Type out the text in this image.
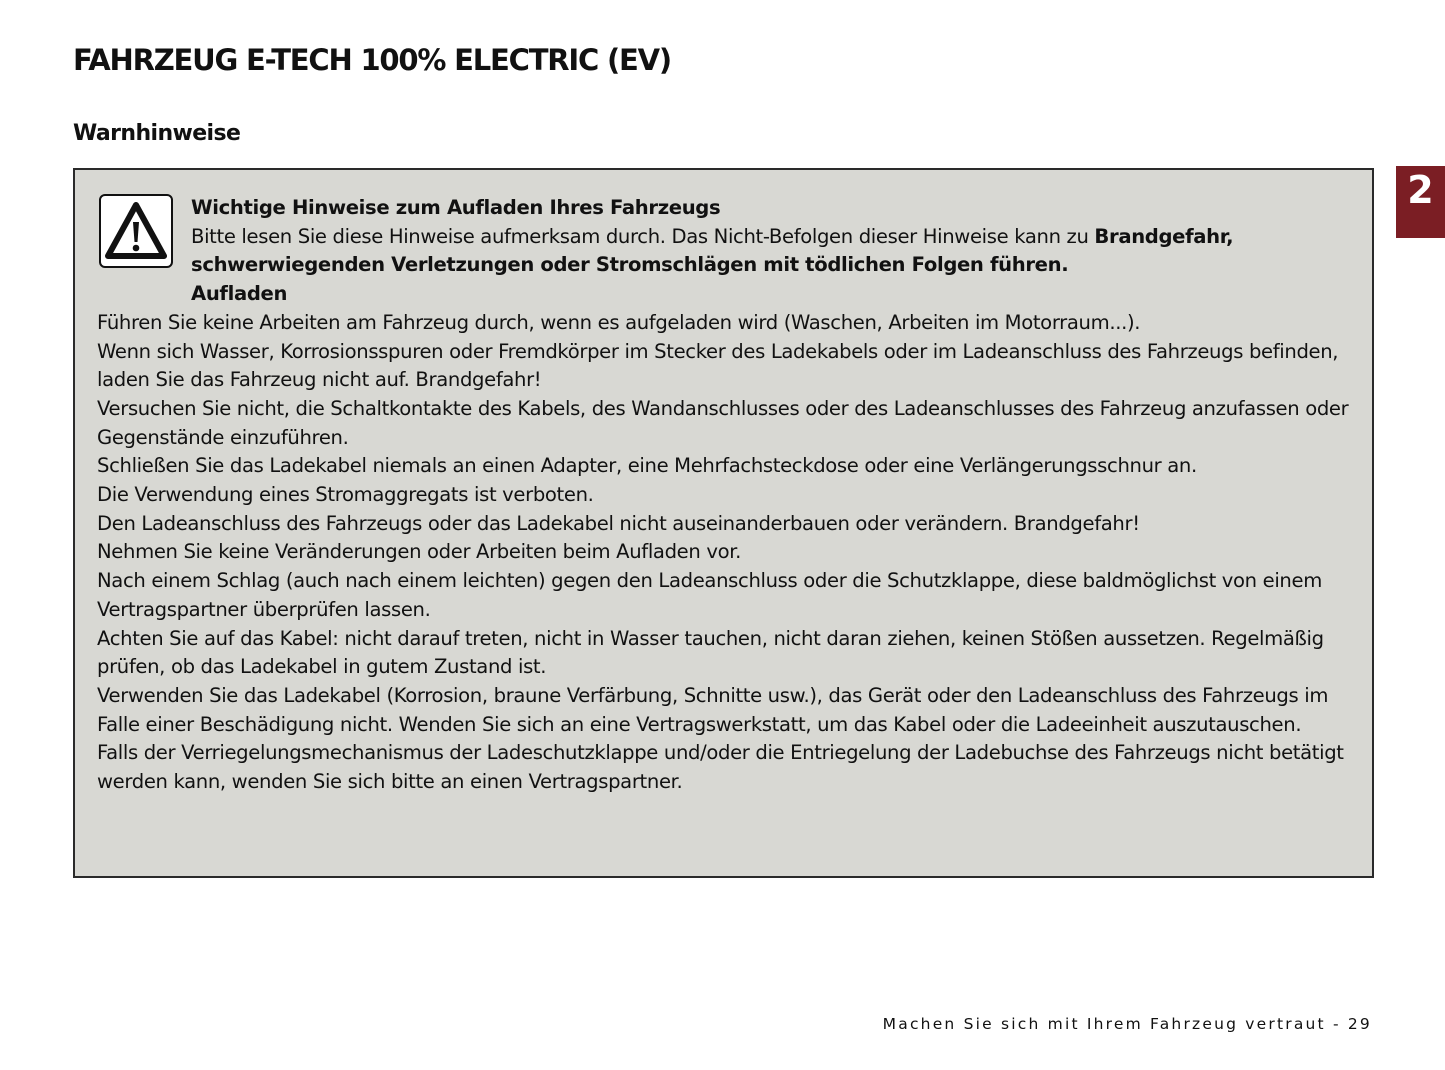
FAHRZEUG E-TECH 100% ELECTRIC (EV)
Warnhinweise
2

Wichtige Hinweise zum Aufladen Ihres Fahrzeugs

Bitte lesen Sie diese Hinweise aufmerksam durch. Das Nicht-Befolgen dieser Hinweise kann zu Brandgefahr, schwerwiegenden Verletzungen oder Stromschlägen mit tödlichen Folgen führen.

Aufladen

Führen Sie keine Arbeiten am Fahrzeug durch, wenn es aufgeladen wird (Waschen, Arbeiten im Motorraum...).

Wenn sich Wasser, Korrosionsspuren oder Fremdkörper im Stecker des Ladekabels oder im Ladeanschluss des Fahrzeugs befinden, laden Sie das Fahrzeug nicht auf. Brandgefahr!

Versuchen Sie nicht, die Schaltkontakte des Kabels, des Wandanschlusses oder des Ladeanschlusses des Fahrzeug anzufassen oder Gegenstände einzuführen.

Schließen Sie das Ladekabel niemals an einen Adapter, eine Mehrfachsteckdose oder eine Verlängerungsschnur an.

Die Verwendung eines Stromaggregats ist verboten.

Den Ladeanschluss des Fahrzeugs oder das Ladekabel nicht auseinanderbauen oder verändern. Brandgefahr!

Nehmen Sie keine Veränderungen oder Arbeiten beim Aufladen vor.

Nach einem Schlag (auch nach einem leichten) gegen den Ladeanschluss oder die Schutzklappe, diese baldmöglichst von einem Vertragspartner überprüfen lassen.

Achten Sie auf das Kabel: nicht darauf treten, nicht in Wasser tauchen, nicht daran ziehen, keinen Stößen aussetzen. Regelmäßig prüfen, ob das Ladekabel in gutem Zustand ist.

Verwenden Sie das Ladekabel (Korrosion, braune Verfärbung, Schnitte usw.), das Gerät oder den Ladeanschluss des Fahrzeugs im Falle einer Beschädigung nicht. Wenden Sie sich an eine Vertragswerkstatt, um das Kabel oder die Ladeeinheit auszutauschen.

Falls der Verriegelungsmechanismus der Ladeschutzklappe und/oder die Entriegelung der Ladebuchse des Fahrzeugs nicht betätigt werden kann, wenden Sie sich bitte an einen Vertragspartner.

Machen Sie sich mit Ihrem Fahrzeug vertraut - 29
